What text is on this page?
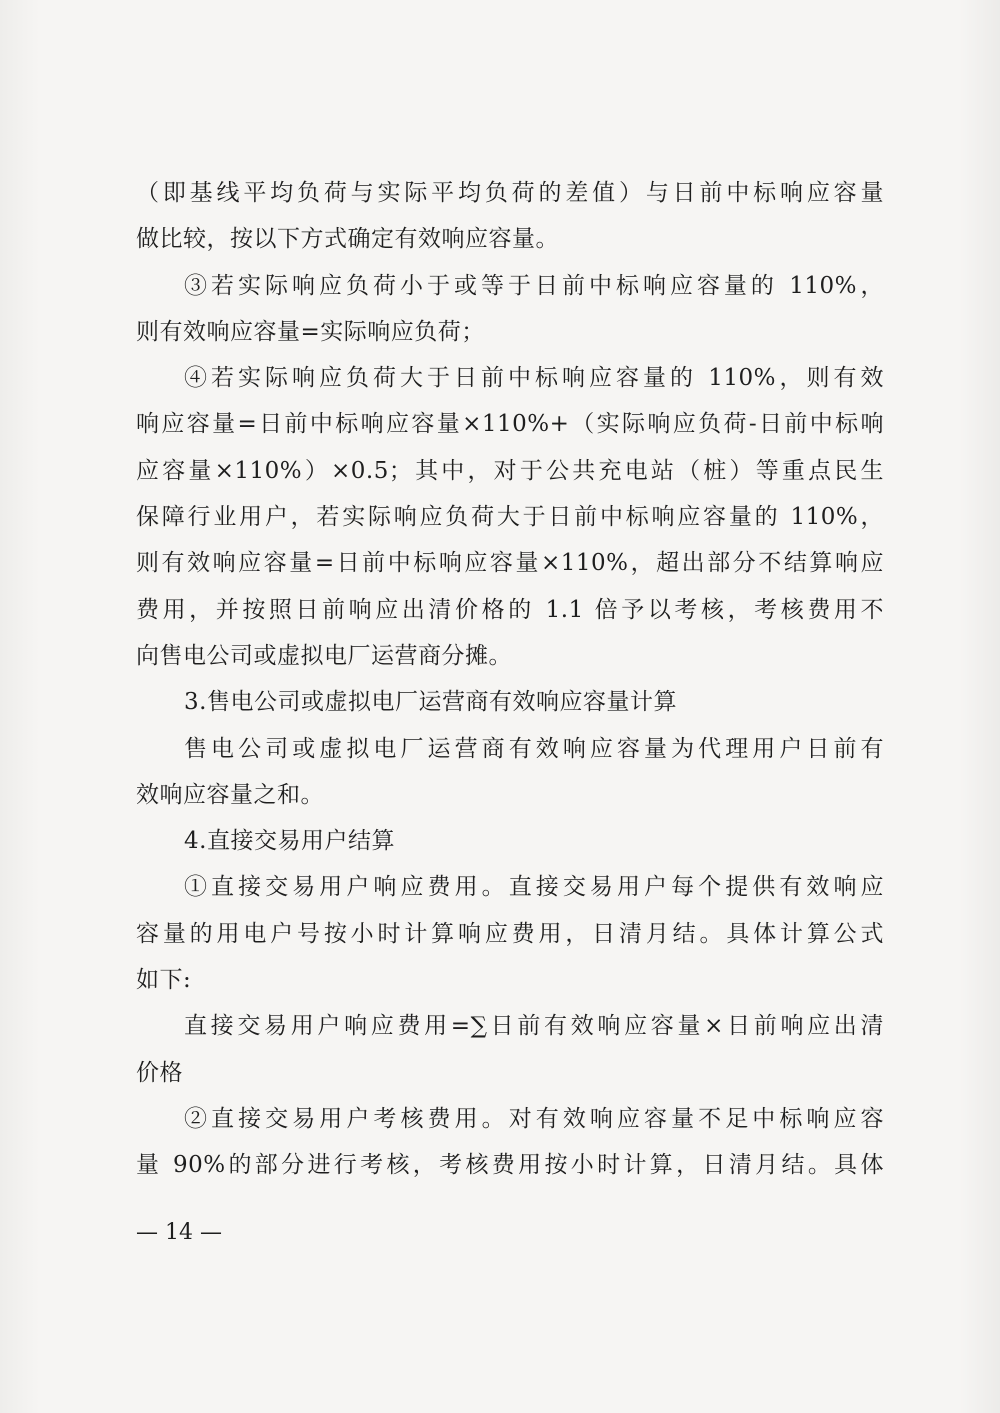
（即基线平均负荷与实际平均负荷的差值）与日前中标响应容量
做比较，按以下方式确定有效响应容量。
③若实际响应负荷小于或等于日前中标响应容量的 110%，
则有效响应容量=实际响应负荷；
④若实际响应负荷大于日前中标响应容量的 110%，则有效
响应容量=日前中标响应容量×110%+（实际响应负荷-日前中标响
应容量×110%）×0.5；其中，对于公共充电站（桩）等重点民生
保障行业用户，若实际响应负荷大于日前中标响应容量的 110%，
则有效响应容量=日前中标响应容量×110%，超出部分不结算响应
费用，并按照日前响应出清价格的 1.1 倍予以考核，考核费用不
向售电公司或虚拟电厂运营商分摊。
3.售电公司或虚拟电厂运营商有效响应容量计算
售电公司或虚拟电厂运营商有效响应容量为代理用户日前有
效响应容量之和。
4.直接交易用户结算
①直接交易用户响应费用。直接交易用户每个提供有效响应
容量的用电户号按小时计算响应费用，日清月结。具体计算公式
如下:
直接交易用户响应费用=∑日前有效响应容量×日前响应出清
价格
②直接交易用户考核费用。对有效响应容量不足中标响应容
量 90%的部分进行考核，考核费用按小时计算，日清月结。具体
— 14 —
